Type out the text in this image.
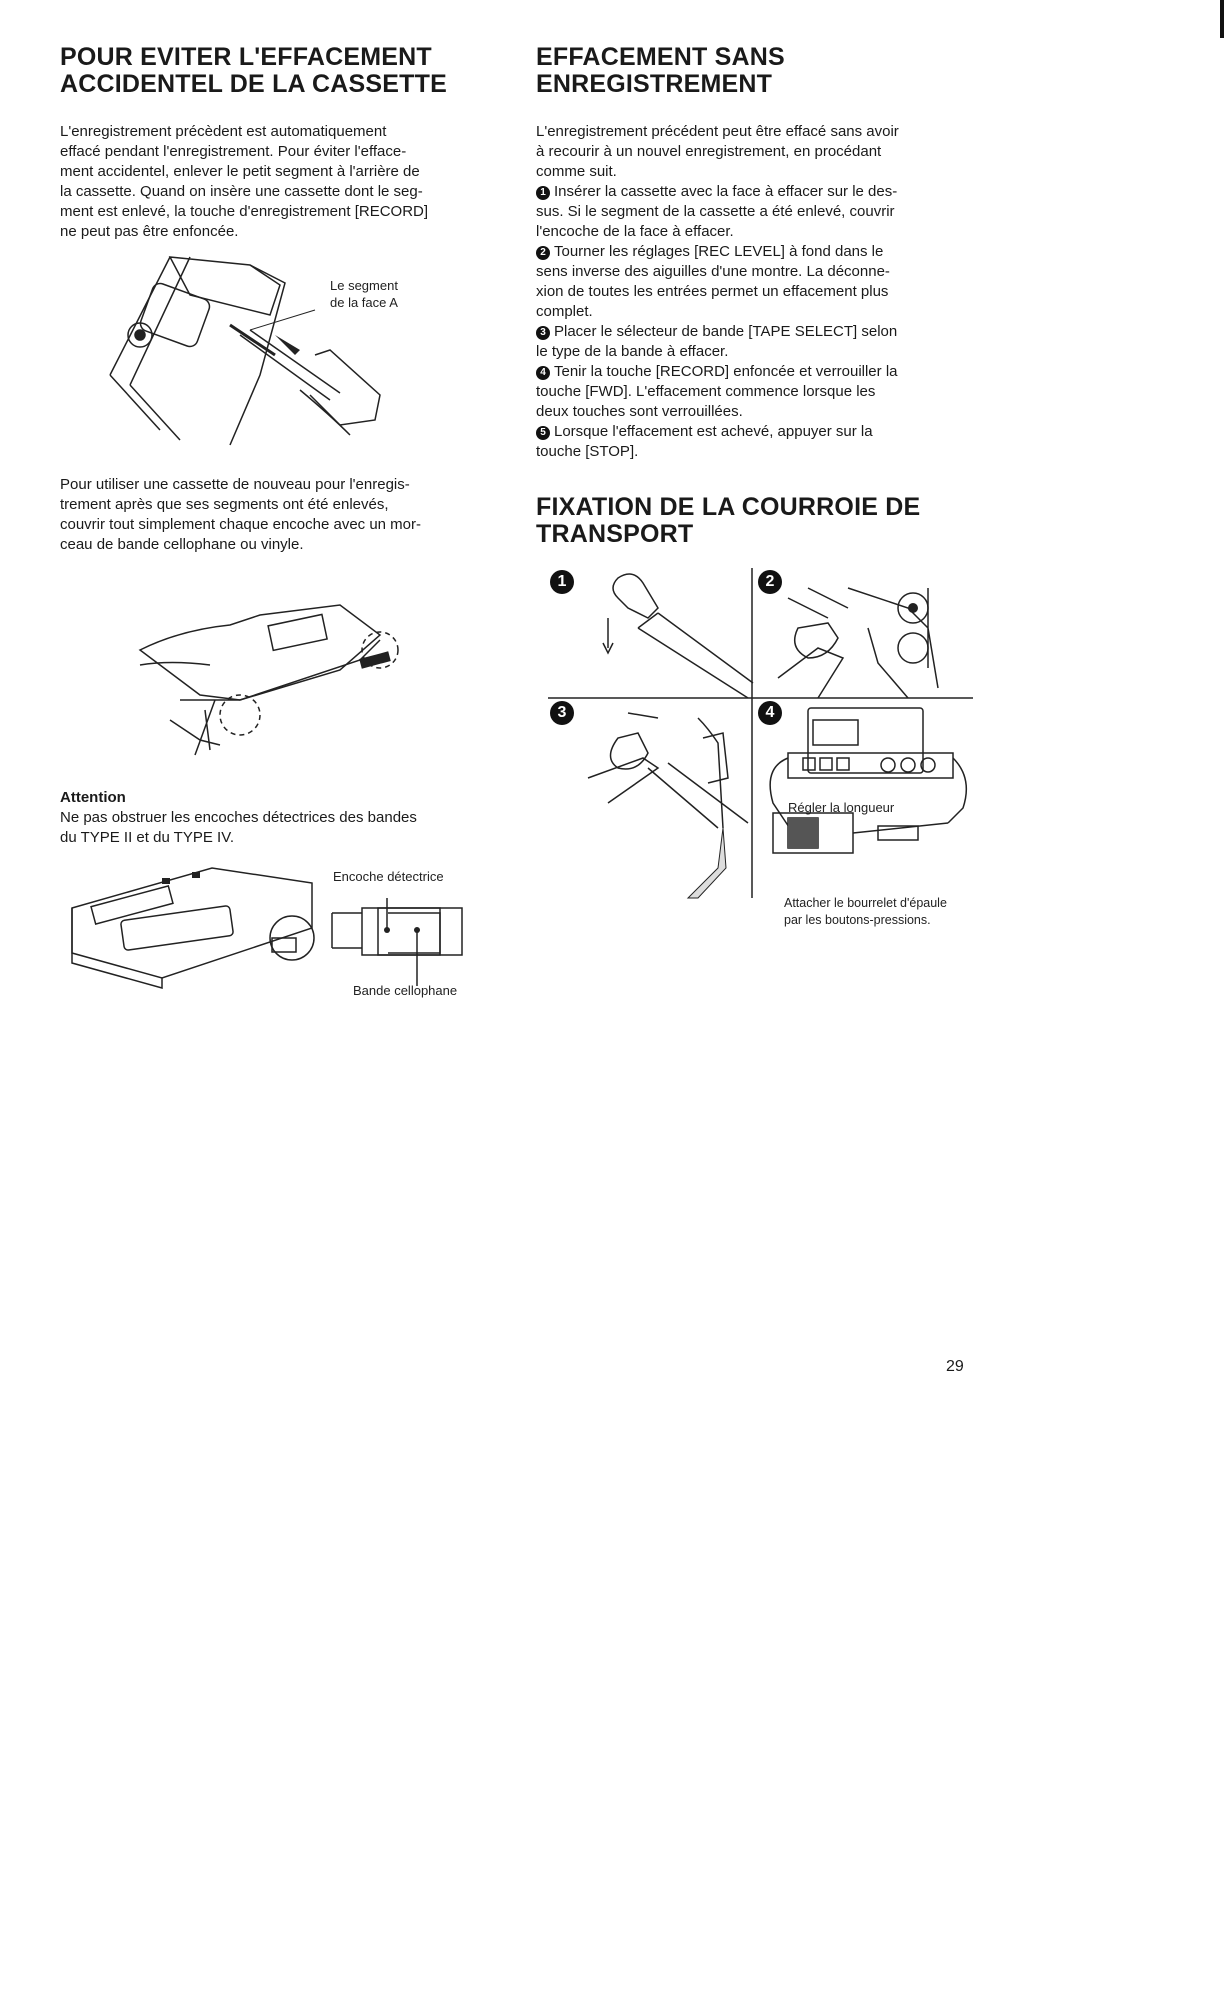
POUR EVITER L'EFFACEMENT
ACCIDENTEL DE LA CASSETTE

L'enregistrement précèdent est automatiquement
effacé pendant l'enregistrement. Pour éviter l'efface-
ment accidentel, enlever le petit segment à l'arrière de
la cassette. Quand on insère une cassette dont le seg-
ment est enlevé, la touche d'enregistrement [RECORD]
ne peut pas être enfoncée.

Le segment
de la face A

Pour utiliser une cassette de nouveau pour l'enregis-
trement après que ses segments ont été enlevés,
couvrir tout simplement chaque encoche avec un mor-
ceau de bande cellophane ou vinyle.

Attention

Ne pas obstruer les encoches détectrices des bandes
du TYPE II et du TYPE IV.

Encoche détectrice
Bande cellophane
EFFACEMENT SANS
ENREGISTREMENT

L'enregistrement précédent peut être effacé sans avoir
à recourir à un nouvel enregistrement, en procédant
comme suit.

1 Insérer la cassette avec la face à effacer sur le des-
sus. Si le segment de la cassette a été enlevé, couvrir
l'encoche de la face à effacer.
2 Tourner les réglages [REC LEVEL] à fond dans le
sens inverse des aiguilles d'une montre. La déconne-
xion de toutes les entrées permet un effacement plus
complet.
3 Placer le sélecteur de bande [TAPE SELECT] selon
le type de la bande à effacer.
4 Tenir la touche [RECORD] enfoncée et verrouiller la
touche [FWD]. L'effacement commence lorsque les
deux touches sont verrouillées.
5 Lorsque l'effacement est achevé, appuyer sur la
touche [STOP].
FIXATION DE LA COURROIE DE
TRANSPORT
1	2
3	4
Régler la longueur
Attacher le bourrelet d'épaule
par les boutons-pressions.
29
